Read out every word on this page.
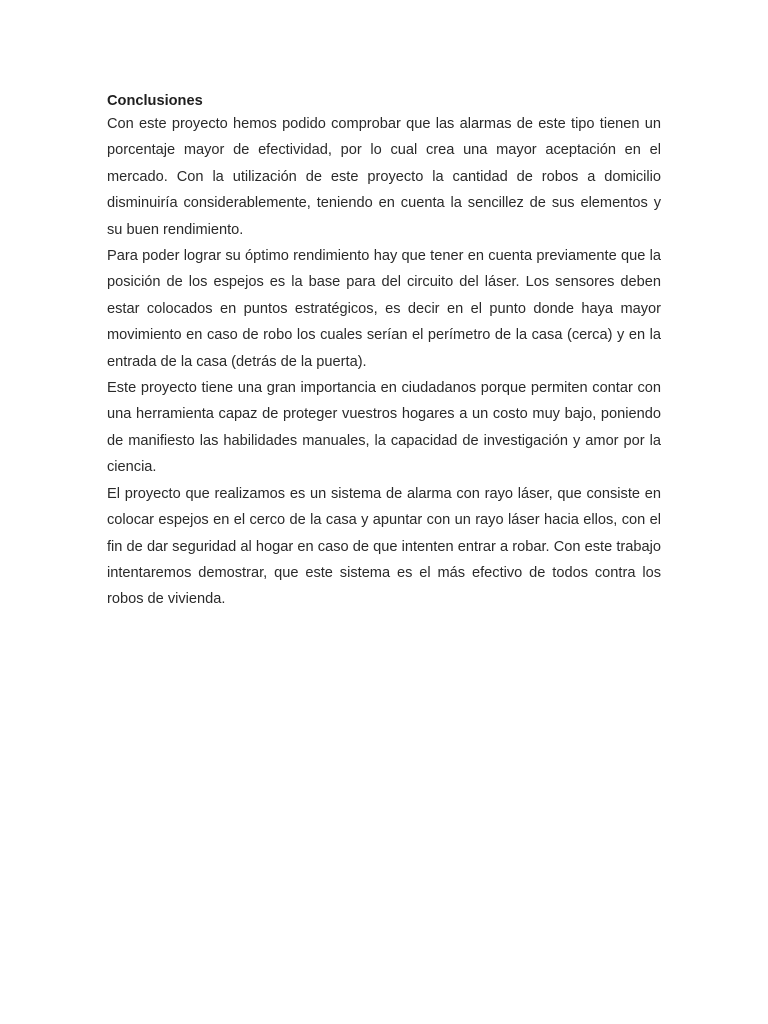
Conclusiones

Con este proyecto hemos podido comprobar que las alarmas de este tipo tienen un porcentaje mayor de efectividad, por lo cual crea una mayor aceptación en el mercado. Con la utilización de este proyecto la cantidad de robos a domicilio disminuiría considerablemente, teniendo en cuenta la sencillez de sus elementos y su buen rendimiento.

Para poder lograr su óptimo rendimiento hay que tener en cuenta previamente que la posición de los espejos es la base para del circuito del láser. Los sensores deben estar colocados en puntos estratégicos, es decir en el punto donde haya mayor movimiento en caso de robo los cuales serían el perímetro de la casa (cerca) y en la entrada de la casa (detrás de la puerta).

Este proyecto tiene una gran importancia en ciudadanos porque permiten contar con una herramienta capaz de proteger vuestros hogares a un costo muy bajo, poniendo de manifiesto las habilidades manuales, la capacidad de investigación y amor por la ciencia.

El proyecto que realizamos es un sistema de alarma con rayo láser, que consiste en colocar espejos en el cerco de la casa y apuntar con un rayo láser hacia ellos, con el fin de dar seguridad al hogar en caso de que intenten entrar a robar. Con este trabajo intentaremos demostrar, que este sistema es el más efectivo de todos contra los robos de vivienda.
